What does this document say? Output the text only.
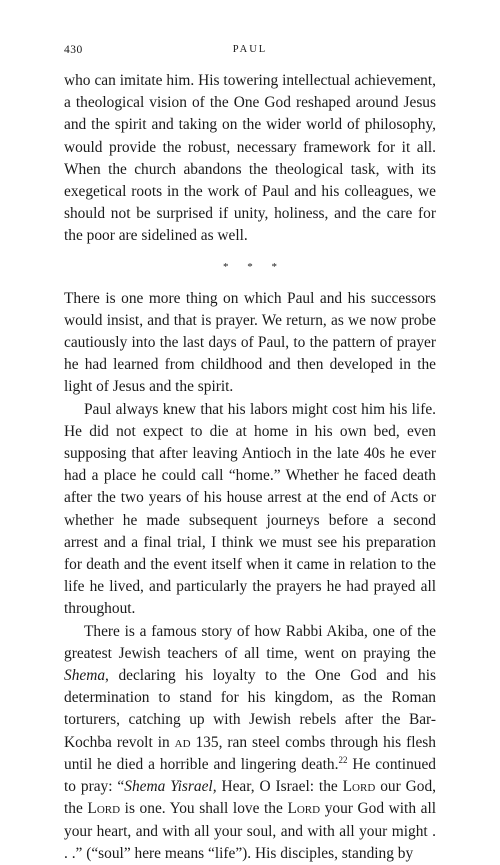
430	PAUL

who can imitate him. His towering intellectual achievement, a theological vision of the One God reshaped around Jesus and the spirit and taking on the wider world of philosophy, would provide the robust, necessary framework for it all. When the church abandons the theological task, with its exegetical roots in the work of Paul and his colleagues, we should not be surprised if unity, holiness, and the care for the poor are sidelined as well.

* * *

There is one more thing on which Paul and his successors would insist, and that is prayer. We return, as we now probe cautiously into the last days of Paul, to the pattern of prayer he had learned from childhood and then developed in the light of Jesus and the spirit.

Paul always knew that his labors might cost him his life. He did not expect to die at home in his own bed, even supposing that after leaving Antioch in the late 40s he ever had a place he could call “home.” Whether he faced death after the two years of his house arrest at the end of Acts or whether he made subsequent journeys before a second arrest and a final trial, I think we must see his preparation for death and the event itself when it came in relation to the life he lived, and particularly the prayers he had prayed all throughout.

There is a famous story of how Rabbi Akiba, one of the greatest Jewish teachers of all time, went on praying the Shema, declaring his loyalty to the One God and his determination to stand for his kingdom, as the Roman torturers, catching up with Jewish rebels after the Bar-Kochba revolt in ad 135, ran steel combs through his flesh until he died a horrible and lingering death.$^{22}$ He continued to pray: “Shema Yisrael, Hear, O Israel: the Lord our God, the Lord is one. You shall love the Lord your God with all your heart, and with all your soul, and with all your might . . .” (“soul” here means “life”). His disciples, standing by
